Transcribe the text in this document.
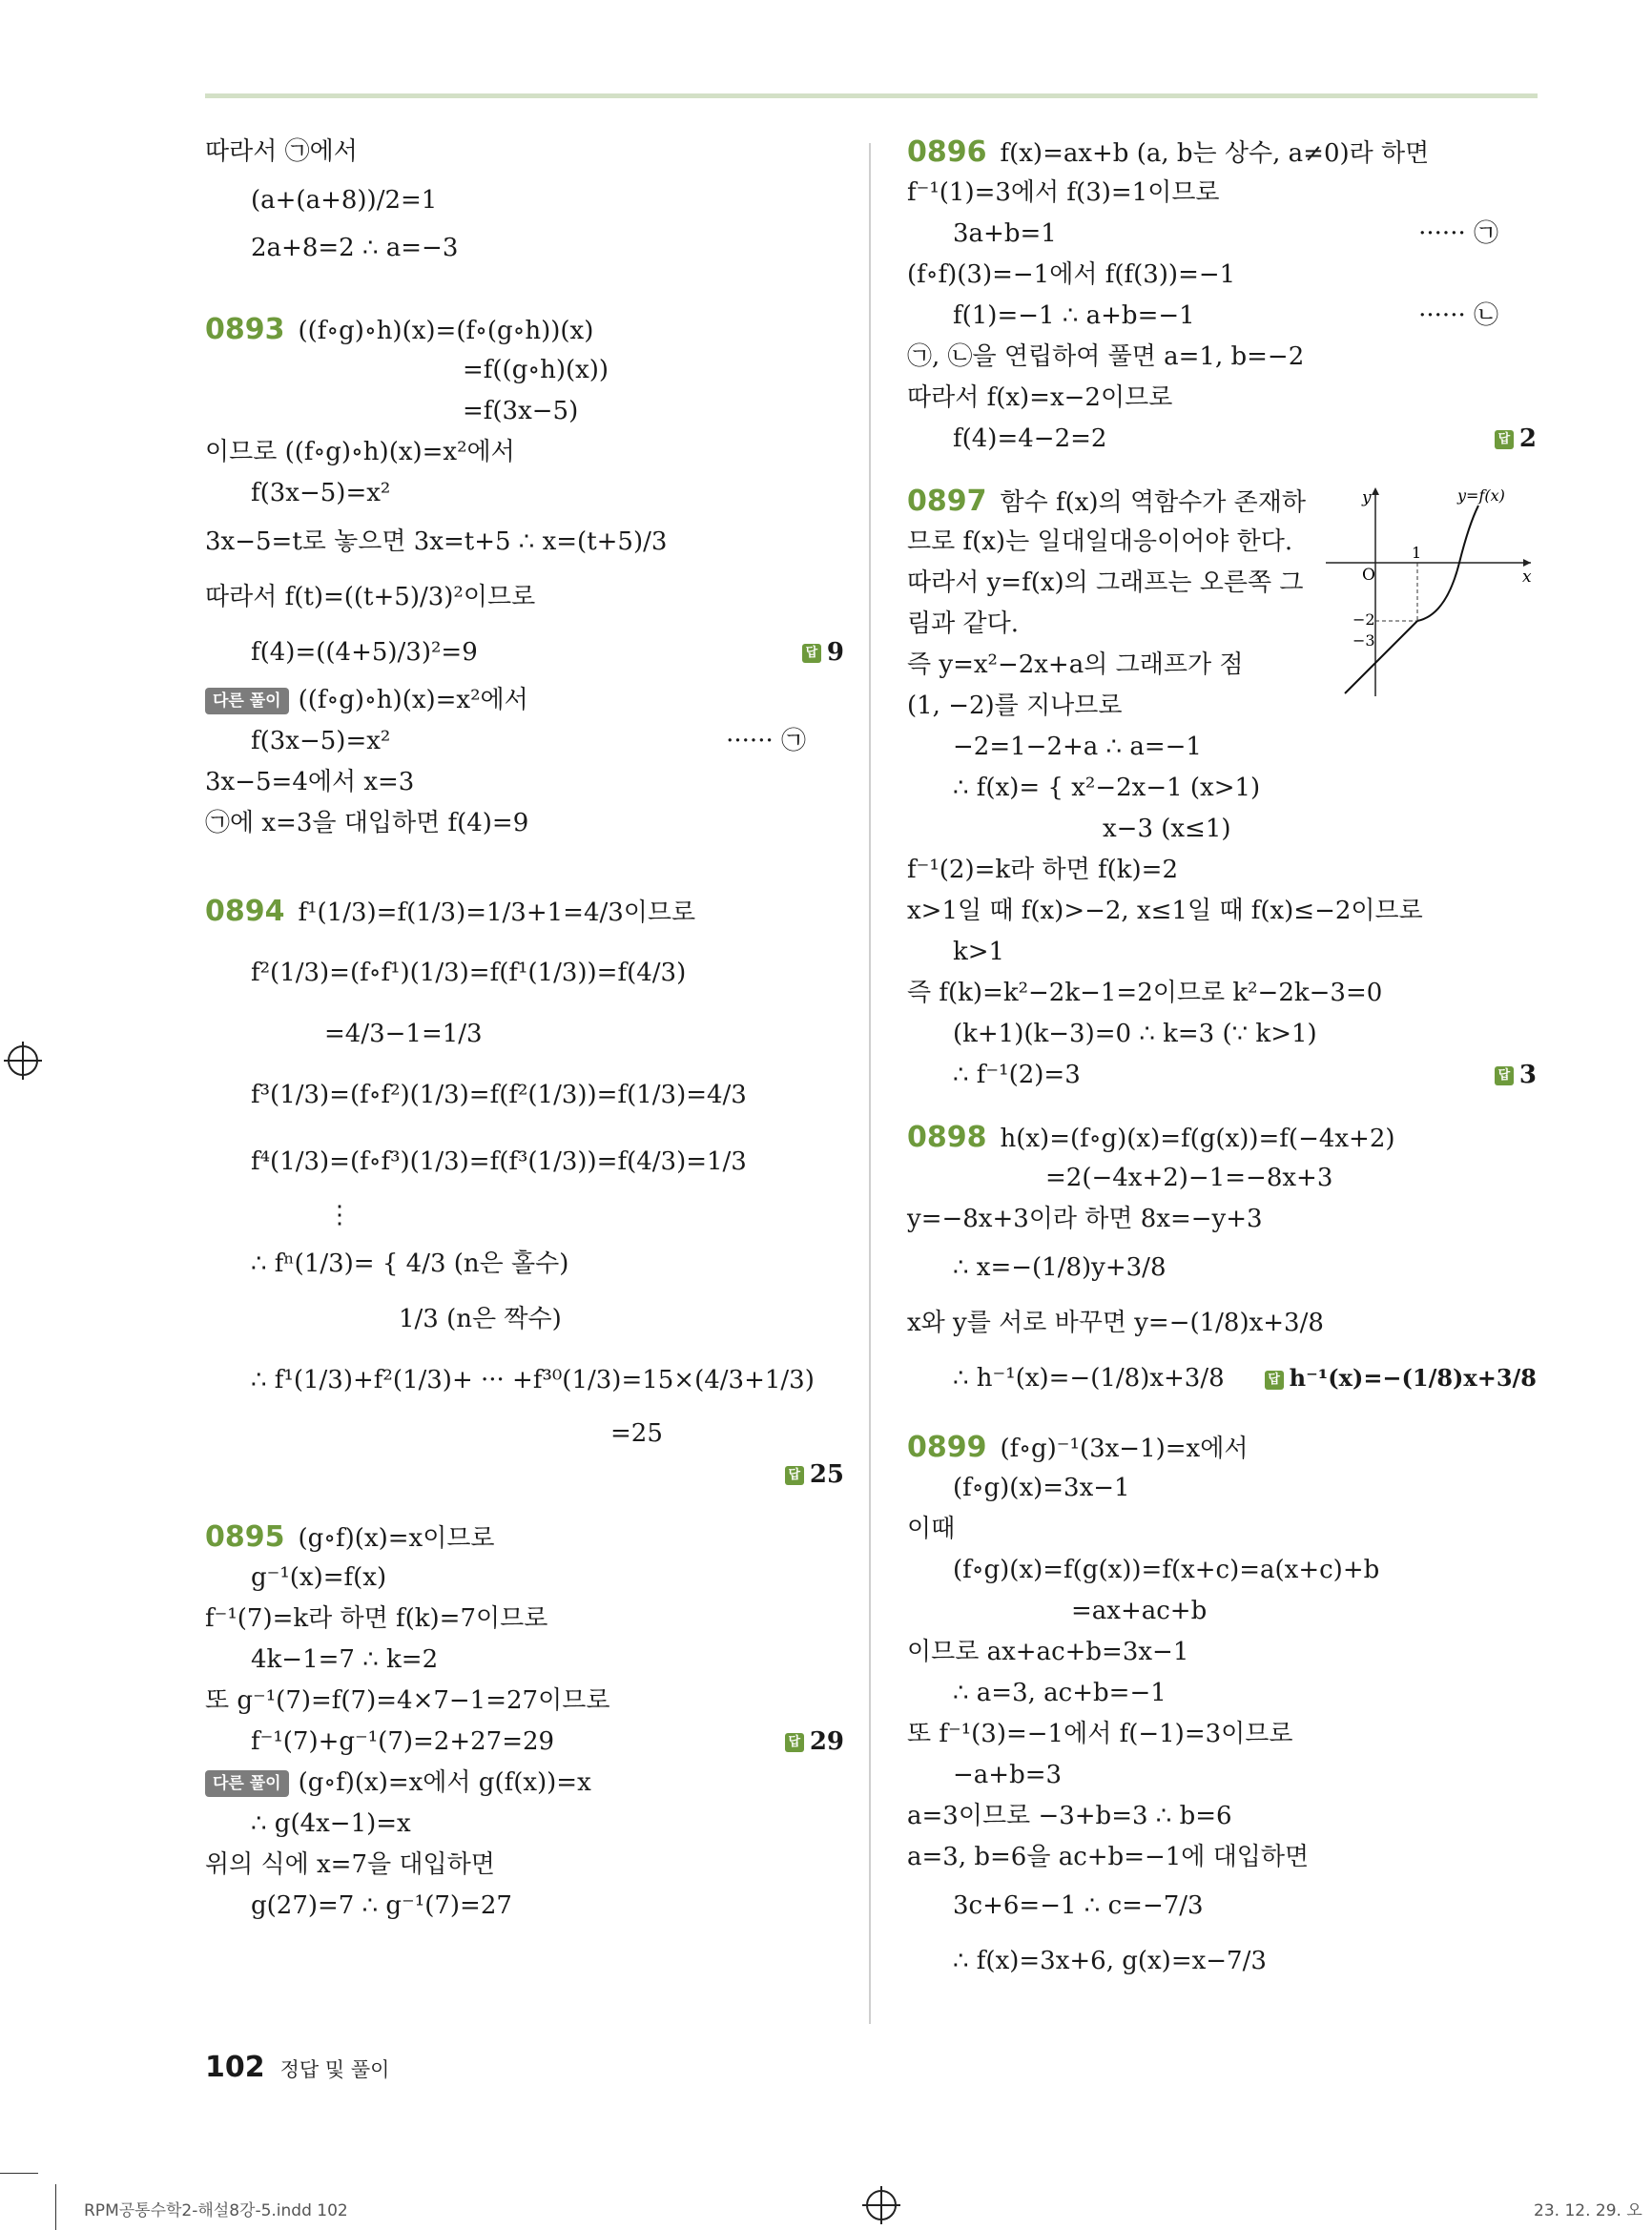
따라서 ㉠에서
(a+(a+8))/2=1
2a+8=2 ∴ a=−3
0893 ((f∘g)∘h)(x)=(f∘(g∘h))(x)
=f((g∘h)(x))
=f(3x−5)
이므로 ((f∘g)∘h)(x)=x²에서
f(3x−5)=x²
3x−5=t로 놓으면 3x=t+5 ∴ x=(t+5)/3
따라서 f(t)=((t+5)/3)²이므로
f(4)=((4+5)/3)²=9	답 9
다른 풀이 ((f∘g)∘h)(x)=x²에서
f(3x−5)=x²	······ ㉠
3x−5=4에서 x=3
㉠에 x=3을 대입하면 f(4)=9
0894 f¹(1/3)=f(1/3)=1/3+1=4/3이므로
f²(1/3)=(f∘f¹)(1/3)=f(f¹(1/3))=f(4/3)
=4/3−1=1/3
f³(1/3)=(f∘f²)(1/3)=f(f²(1/3))=f(1/3)=4/3
f⁴(1/3)=(f∘f³)(1/3)=f(f³(1/3))=f(4/3)=1/3
⋮
∴ fⁿ(1/3)= { 4/3 (n은 홀수)
1/3 (n은 짝수)
∴ f¹(1/3)+f²(1/3)+ ··· +f³⁰(1/3)=15×(4/3+1/3)
=25
답 25
0895 (g∘f)(x)=x이므로
g⁻¹(x)=f(x)
f⁻¹(7)=k라 하면 f(k)=7이므로
4k−1=7 ∴ k=2
또 g⁻¹(7)=f(7)=4×7−1=27이므로
f⁻¹(7)+g⁻¹(7)=2+27=29	답 29
다른 풀이 (g∘f)(x)=x에서 g(f(x))=x
∴ g(4x−1)=x
위의 식에 x=7을 대입하면
g(27)=7 ∴ g⁻¹(7)=27
0896 f(x)=ax+b (a, b는 상수, a≠0)라 하면
f⁻¹(1)=3에서 f(3)=1이므로
3a+b=1	······ ㉠
(f∘f)(3)=−1에서 f(f(3))=−1
f(1)=−1 ∴ a+b=−1	······ ㉡
㉠, ㉡을 연립하여 풀면 a=1, b=−2
따라서 f(x)=x−2이므로
f(4)=4−2=2	답 2
0897 함수 f(x)의 역함수가 존재하
므로 f(x)는 일대일대응이어야 한다.
따라서 y=f(x)의 그래프는 오른쪽 그
림과 같다.
즉 y=x²−2x+a의 그래프가 점
(1, −2)를 지나므로
−2=1−2+a ∴ a=−1
∴ f(x)= { x²−2x−1 (x>1)
x−3 (x≤1)
f⁻¹(2)=k라 하면 f(k)=2
x>1일 때 f(x)>−2, x≤1일 때 f(x)≤−2이므로
k>1
즉 f(k)=k²−2k−1=2이므로 k²−2k−3=0
(k+1)(k−3)=0 ∴ k=3 (∵ k>1)
∴ f⁻¹(2)=3	답 3
0898 h(x)=(f∘g)(x)=f(g(x))=f(−4x+2)
=2(−4x+2)−1=−8x+3
y=−8x+3이라 하면 8x=−y+3
∴ x=−(1/8)y+3/8
x와 y를 서로 바꾸면 y=−(1/8)x+3/8
∴ h⁻¹(x)=−(1/8)x+3/8	답 h⁻¹(x)=−(1/8)x+3/8
0899 (f∘g)⁻¹(3x−1)=x에서
(f∘g)(x)=3x−1
이때
(f∘g)(x)=f(g(x))=f(x+c)=a(x+c)+b
=ax+ac+b
이므로 ax+ac+b=3x−1
∴ a=3, ac+b=−1
또 f⁻¹(3)=−1에서 f(−1)=3이므로
−a+b=3
a=3이므로 −3+b=3 ∴ b=6
a=3, b=6을 ac+b=−1에 대입하면
3c+6=−1 ∴ c=−7/3
∴ f(x)=3x+6, g(x)=x−7/3
y
x
O
y=f(x)
1
−2
−3
102 정답 및 풀이
RPM공통수학2-해설8강-5.indd 102	23. 12. 29. 오
